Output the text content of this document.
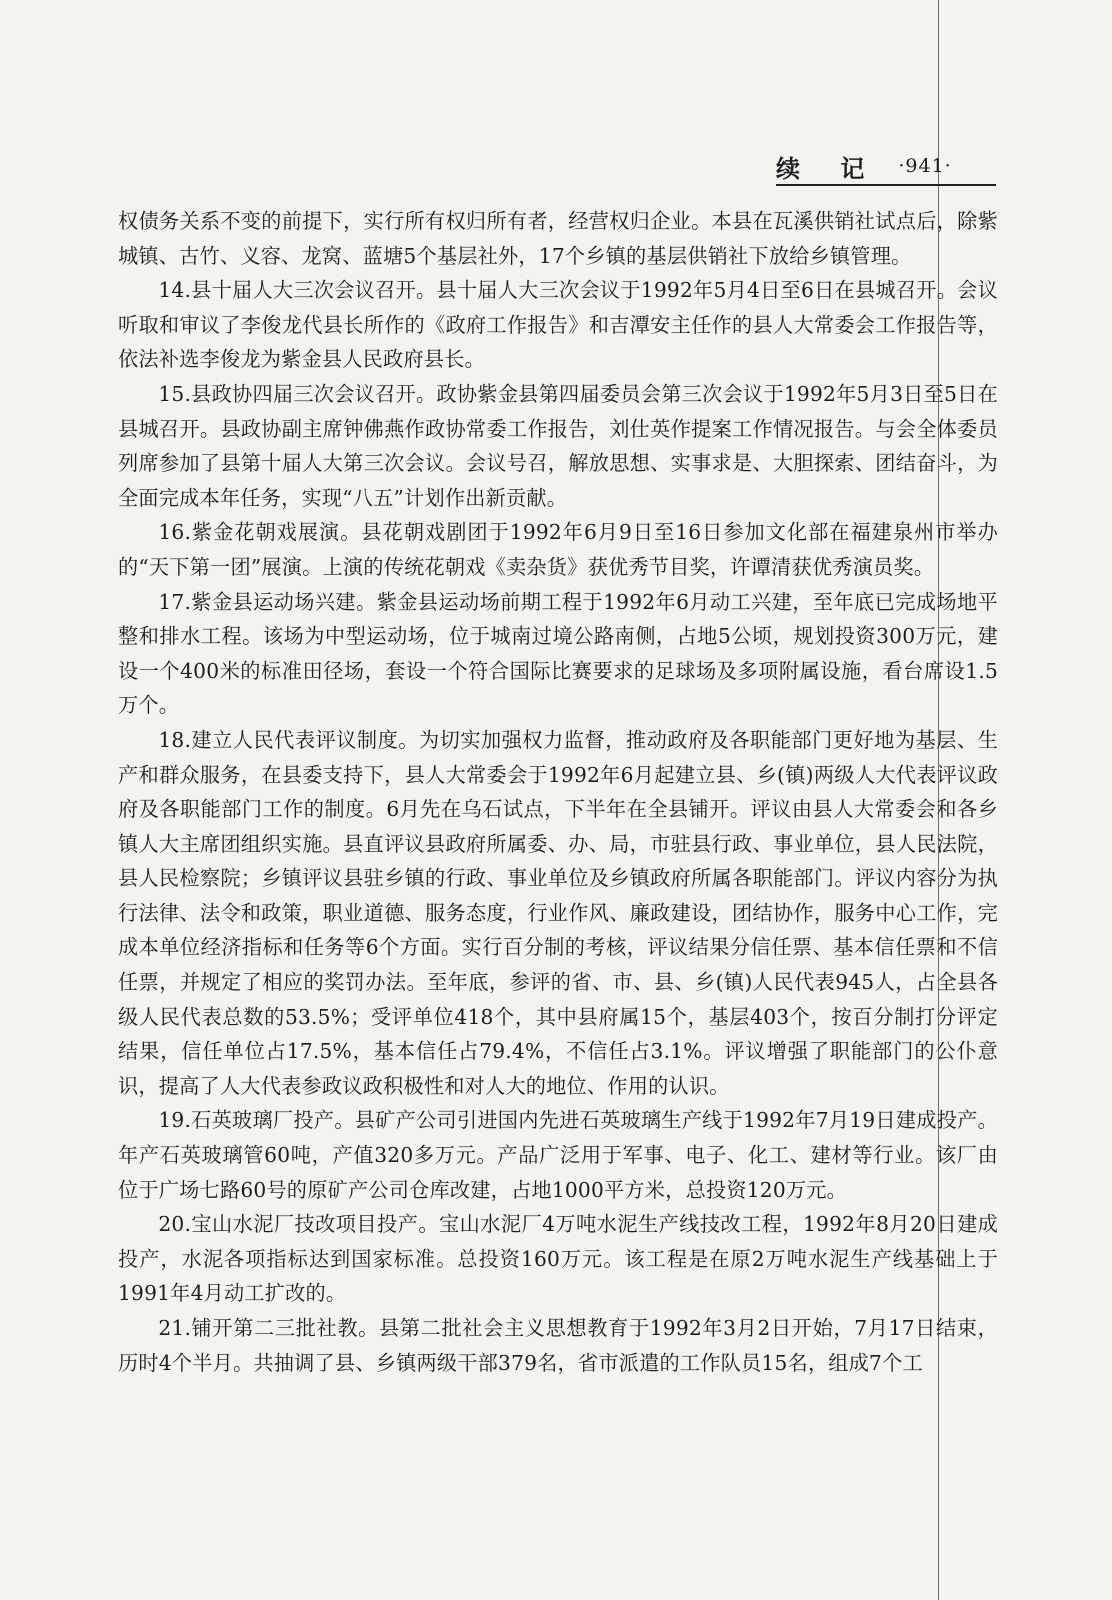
续 记 ·941·

权债务关系不变的前提下，实行所有权归所有者，经营权归企业。本县在瓦溪供销社试点后，除紫城镇、古竹、义容、龙窝、蓝塘5个基层社外，17个乡镇的基层供销社下放给乡镇管理。

14.县十届人大三次会议召开。县十届人大三次会议于1992年5月4日至6日在县城召开。会议听取和审议了李俊龙代县长所作的《政府工作报告》和吉潭安主任作的县人大常委会工作报告等，依法补选李俊龙为紫金县人民政府县长。

15.县政协四届三次会议召开。政协紫金县第四届委员会第三次会议于1992年5月3日至5日在县城召开。县政协副主席钟佛燕作政协常委工作报告，刘仕英作提案工作情况报告。与会全体委员列席参加了县第十届人大第三次会议。会议号召，解放思想、实事求是、大胆探索、团结奋斗，为全面完成本年任务，实现“八五”计划作出新贡献。

16.紫金花朝戏展演。县花朝戏剧团于1992年6月9日至16日参加文化部在福建泉州市举办的“天下第一团”展演。上演的传统花朝戏《卖杂货》获优秀节目奖，许谭清获优秀演员奖。

17.紫金县运动场兴建。紫金县运动场前期工程于1992年6月动工兴建，至年底已完成场地平整和排水工程。该场为中型运动场，位于城南过境公路南侧，占地5公顷，规划投资300万元，建设一个400米的标准田径场，套设一个符合国际比赛要求的足球场及多项附属设施，看台席设1.5万个。

18.建立人民代表评议制度。为切实加强权力监督，推动政府及各职能部门更好地为基层、生产和群众服务，在县委支持下，县人大常委会于1992年6月起建立县、乡(镇)两级人大代表评议政府及各职能部门工作的制度。6月先在乌石试点，下半年在全县铺开。评议由县人大常委会和各乡镇人大主席团组织实施。县直评议县政府所属委、办、局，市驻县行政、事业单位，县人民法院，县人民检察院；乡镇评议县驻乡镇的行政、事业单位及乡镇政府所属各职能部门。评议内容分为执行法律、法令和政策，职业道德、服务态度，行业作风、廉政建设，团结协作，服务中心工作，完成本单位经济指标和任务等6个方面。实行百分制的考核，评议结果分信任票、基本信任票和不信任票，并规定了相应的奖罚办法。至年底，参评的省、市、县、乡(镇)人民代表945人，占全县各级人民代表总数的53.5%；受评单位418个，其中县府属15个，基层403个，按百分制打分评定结果，信任单位占17.5%，基本信任占79.4%，不信任占3.1%。评议增强了职能部门的公仆意识，提高了人大代表参政议政积极性和对人大的地位、作用的认识。

19.石英玻璃厂投产。县矿产公司引进国内先进石英玻璃生产线于1992年7月19日建成投产。年产石英玻璃管60吨，产值320多万元。产品广泛用于军事、电子、化工、建材等行业。该厂由位于广场七路60号的原矿产公司仓库改建，占地1000平方米，总投资120万元。

20.宝山水泥厂技改项目投产。宝山水泥厂4万吨水泥生产线技改工程，1992年8月20日建成投产，水泥各项指标达到国家标准。总投资160万元。该工程是在原2万吨水泥生产线基础上于1991年4月动工扩改的。

21.铺开第二三批社教。县第二批社会主义思想教育于1992年3月2日开始，7月17日结束，历时4个半月。共抽调了县、乡镇两级干部379名，省市派遣的工作队员15名，组成7个工
